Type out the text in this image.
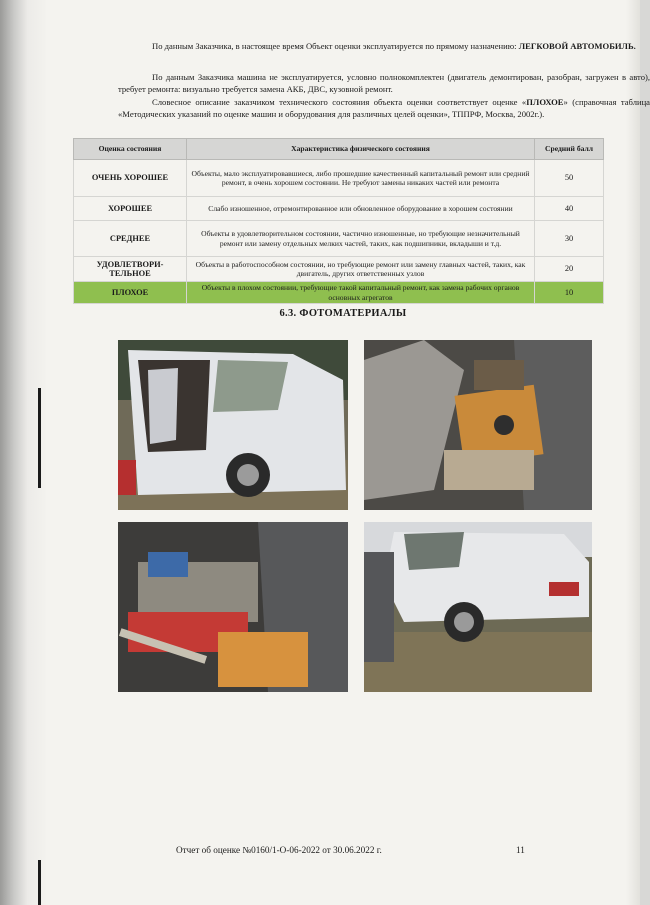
По данным Заказчика, в настоящее время Объект оценки эксплуатируется по прямому назначению: ЛЕГКОВОЙ АВТОМОБИЛЬ.

По данным Заказчика машина не эксплуатируется, условно полнокомплектен (двигатель демонтирован, разобран, загружен в авто), требует ремонта: визуально требуется замена АКБ, ДВС, кузовной ремонт.

Словесное описание заказчиком технического состояния объекта оценки соответствует оценке «ПЛОХОЕ» (справочная таблица «Методических указаний по оценке машин и оборудования для различных целей оценки», ТППРФ, Москва, 2002г.).

Оценка состояния	Характеристика физического состояния	Средний балл
ОЧЕНЬ ХОРОШЕЕ	Объекты, мало эксплуатировавшиеся, либо прошедшие качественный капитальный ремонт или средний ремонт, в очень хорошем состоянии. Не требуют замены никаких частей или ремонта	50
ХОРОШЕЕ	Слабо изношенное, отремонтированное или обновленное оборудование в хорошем состоянии	40
СРЕДНЕЕ	Объекты в удовлетворительном состоянии, частично изношенные, но требующие незначительный ремонт или замену отдельных мелких частей, таких, как подшипники, вкладыши и т.д.	30
УДОВЛЕТВОРИ-ТЕЛЬНОЕ	Объекты в работоспособном состоянии, но требующие ремонт или замену главных частей, таких, как двигатель, других ответственных узлов	20
ПЛОХОЕ	Объекты в плохом состоянии, требующие такой капитальный ремонт, как замена рабочих органов основных агрегатов	10
6.3. ФОТОМАТЕРИАЛЫ
Отчет об оценке №0160/1-О-06-2022 от 30.06.2022 г.	11
